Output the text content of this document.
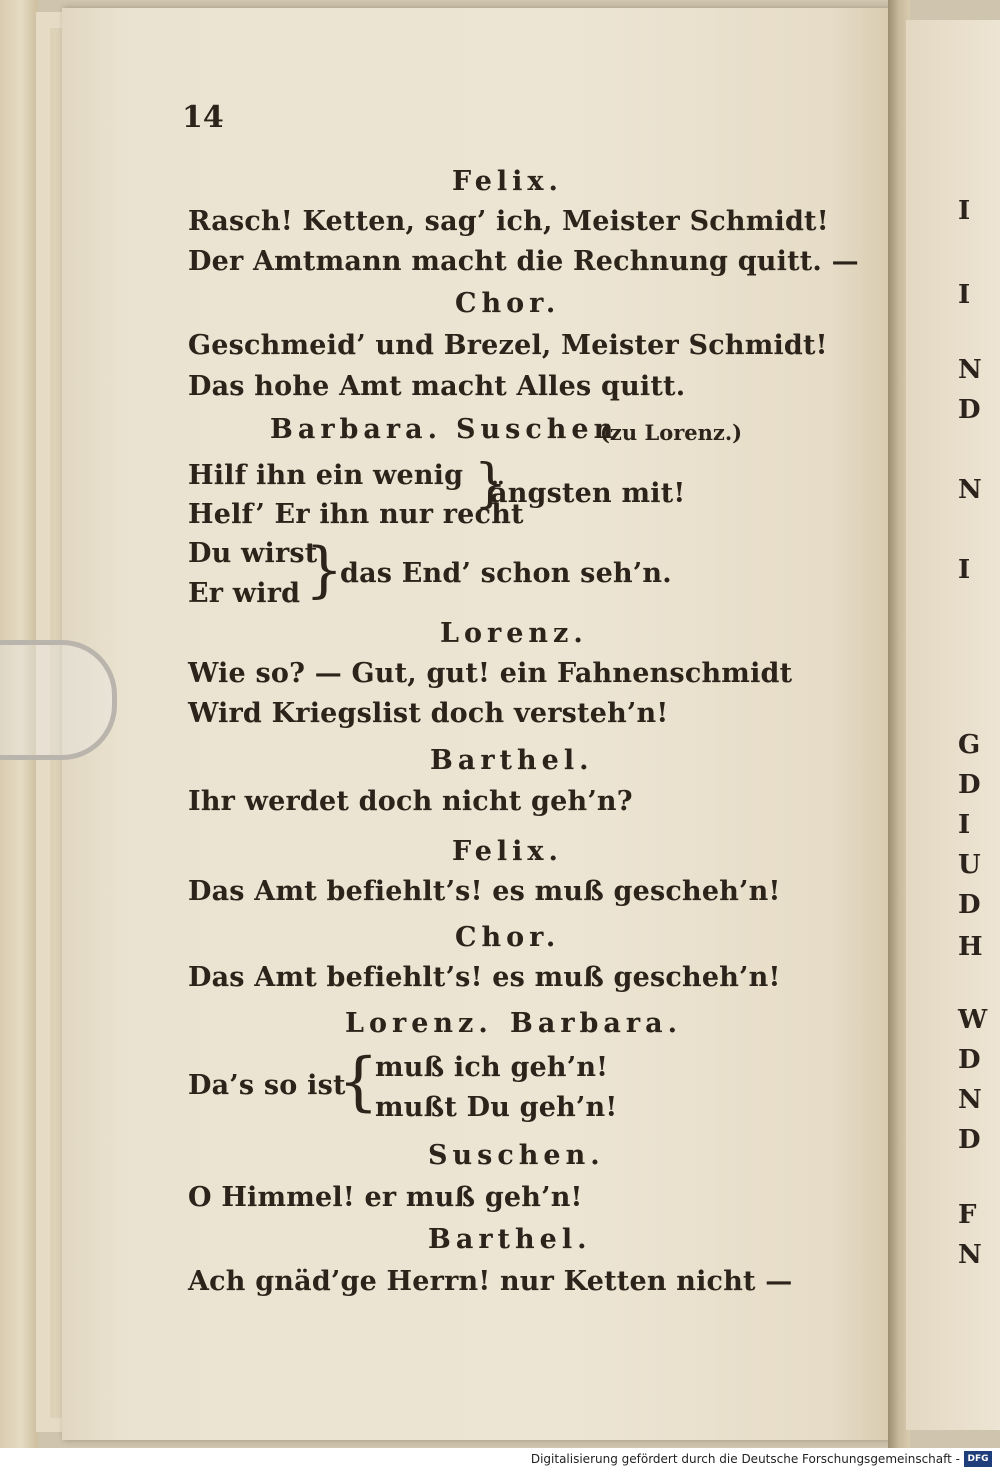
I
I
N
D
N
I
G
D
I
U
D
H
W
D
N
D
F
N
14
Felix.
Rasch! Ketten, sag’ ich, Meister Schmidt!
Der Amtmann macht die Rechnung quitt. —
Chor.
Geschmeid’ und Brezel, Meister Schmidt!
Das hohe Amt macht Alles quitt.
Barbara. Suschen
(zu Lorenz.)
Hilf ihn ein wenig
Helf’ Er ihn nur recht
}
ängsten mit!
Du wirst
Er wird }
das End’ schon seh’n.
Lorenz.
Wie so? — Gut, gut! ein Fahnenschmidt
Wird Kriegslist doch versteh’n!
Barthel.
Ihr werdet doch nicht geh’n?
Felix.
Das Amt befiehlt’s! es muß gescheh’n!
Chor.
Das Amt befiehlt’s! es muß gescheh’n!
Lorenz. Barbara.
Da’s so ist
{
muß ich geh’n!
mußt Du geh’n!
Suschen.
O Himmel! er muß geh’n!
Barthel.
Ach gnäd’ge Herrn! nur Ketten nicht —
Digitalisierung gefördert durch die Deutsche Forschungsgemeinschaft - DFG
